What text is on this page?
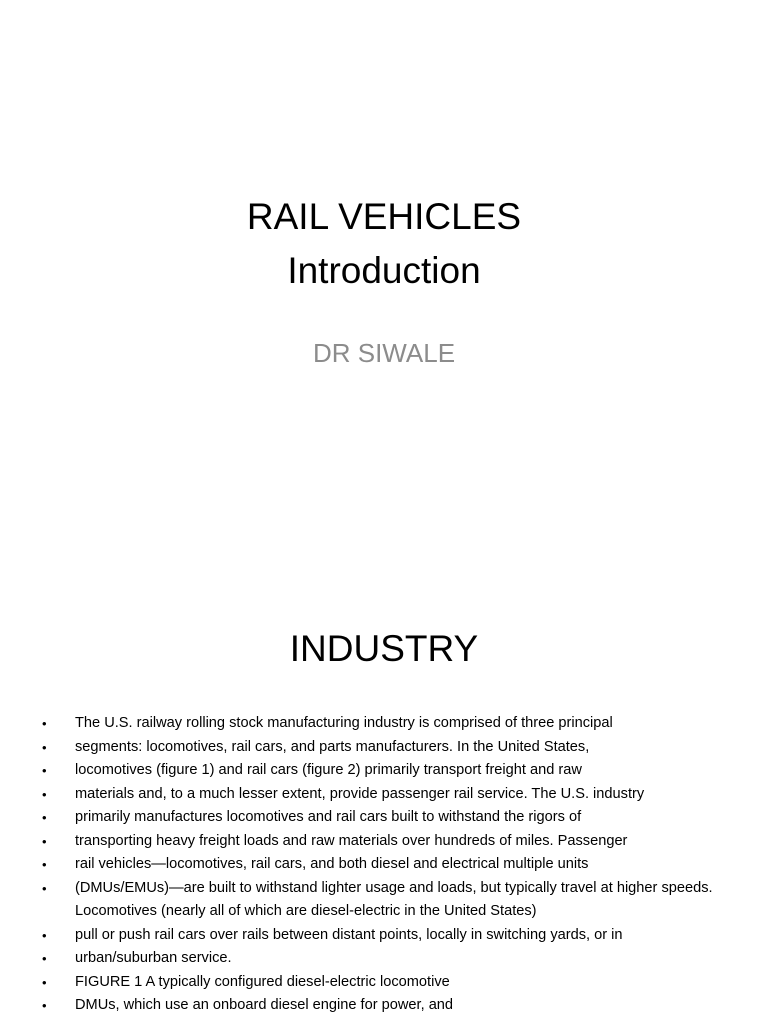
RAIL VEHICLES
Introduction

DR SIWALE

INDUSTRY
• The U.S. railway rolling stock manufacturing industry is comprised of three principal
• segments: locomotives, rail cars, and parts manufacturers. In the United States,
• locomotives (figure 1) and rail cars (figure 2) primarily transport freight and raw
• materials and, to a much lesser extent, provide passenger rail service. The U.S. industry
• primarily manufactures locomotives and rail cars built to withstand the rigors of
• transporting heavy freight loads and raw materials over hundreds of miles. Passenger
• rail vehicles—locomotives, rail cars, and both diesel and electrical multiple units
• (DMUs/EMUs)—are built to withstand lighter usage and loads, but typically travel at higher speeds. Locomotives (nearly all of which are diesel-electric in the United States)
• pull or push rail cars over rails between distant points, locally in switching yards, or in
• urban/suburban service.
• FIGURE 1 A typically configured diesel-electric locomotive
• DMUs, which use an onboard diesel engine for power, and
